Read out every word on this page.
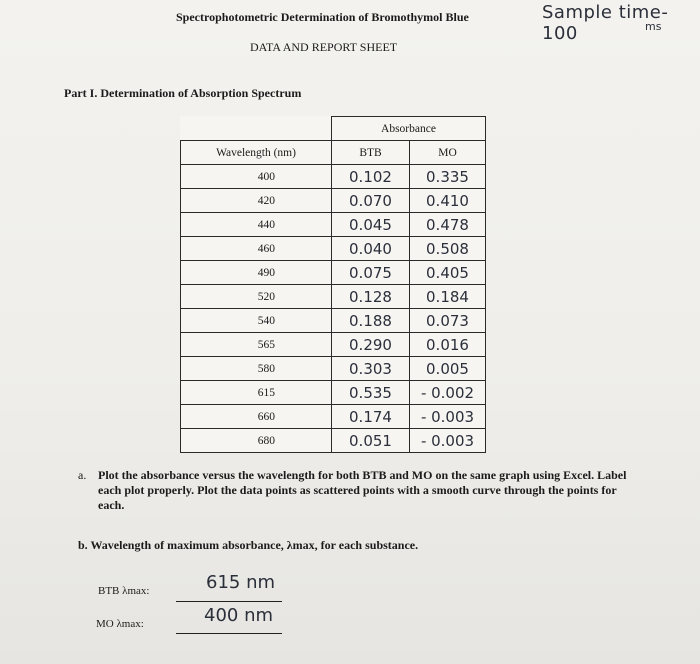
Spectrophotometric Determination of Bromothymol Blue
DATA AND REPORT SHEET
Sample time- 100	ms
Part I. Determination of Absorption Spectrum
	Absorbance	
Wavelength (nm)	BTB	MO
400	0.102	0.335
420	0.070	0.410
440	0.045	0.478
460	0.040	0.508
490	0.075	0.405
520	0.128	0.184
540	0.188	0.073
565	0.290	0.016
580	0.303	0.005
615	0.535	- 0.002
660	0.174	- 0.003
680	0.051	- 0.003
a. Plot the absorbance versus the wavelength for both BTB and MO on the same graph using Excel. Label each plot properly. Plot the data points as scattered points with a smooth curve through the points for each.
b. Wavelength of maximum absorbance, λmax, for each substance.
BTB λmax:	615 nm
MO λmax:	400 nm
